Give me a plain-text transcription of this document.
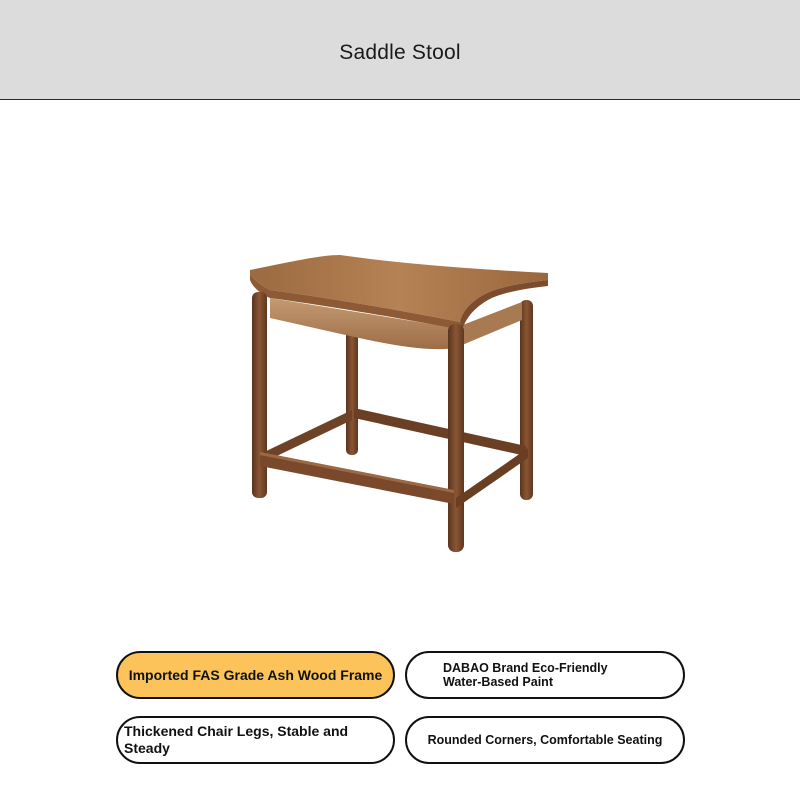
Saddle Stool
Imported FAS Grade Ash Wood Frame	DABAO Brand Eco-Friendly Water-Based Paint
Thickened Chair Legs, Stable and Steady	Rounded Corners, Comfortable Seating
